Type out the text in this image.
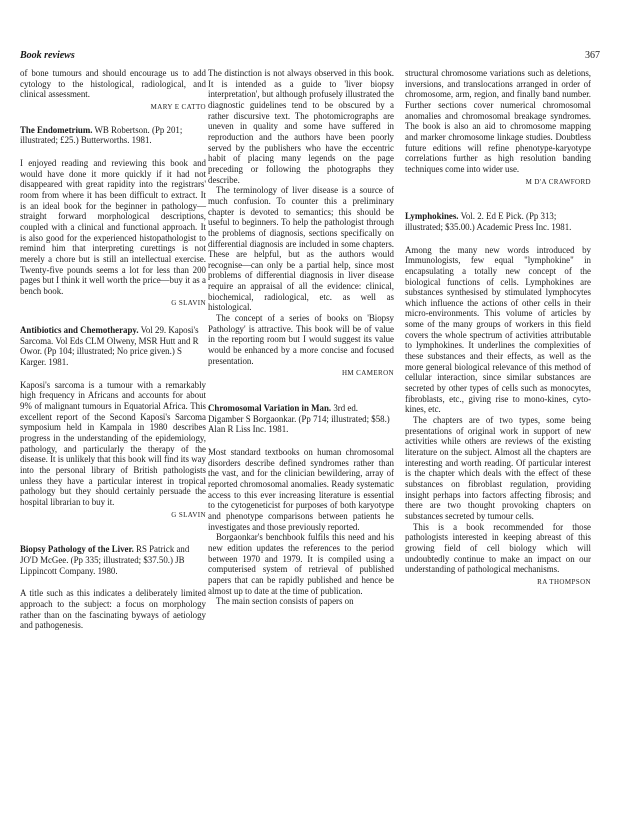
Book reviews	367

of bone tumours and should encourage us to add cytology to the histological, radiological, and clinical assessment.

MARY E CATTO

The Endometrium. WB Robertson. (Pp 201; illustrated; £25.) Butterworths. 1981.

I enjoyed reading and reviewing this book and would have done it more quickly if it had not disappeared with great rapidity into the registrars' room from where it has been difficult to extract. It is an ideal book for the beginner in pathology—straight forward morphological descriptions, coupled with a clinical and functional approach. It is also good for the experienced histopathologist to remind him that interpreting curettings is not merely a chore but is still an intellectual exercise. Twenty-five pounds seems a lot for less than 200 pages but I think it well worth the price—buy it as a bench book.

G SLAVIN

Antibiotics and Chemotherapy. Vol 29. Kaposi's Sarcoma. Vol Eds CLM Olweny, MSR Hutt and R Owor. (Pp 104; illustrated; No price given.) S Karger. 1981.

Kaposi's sarcoma is a tumour with a remarkably high frequency in Africans and accounts for about 9% of malignant tumours in Equatorial Africa. This excellent report of the Second Kaposi's Sarcoma symposium held in Kampala in 1980 describes progress in the understanding of the epidemiology, pathology, and particularly the therapy of the disease. It is unlikely that this book will find its way into the personal library of British pathologists unless they have a particular interest in tropical pathology but they should certainly persuade the hospital librarian to buy it.

G SLAVIN

Biopsy Pathology of the Liver. RS Patrick and JO'D McGee. (Pp 335; illustrated; $37.50.) JB Lippincott Company. 1980.

A title such as this indicates a deliberately limited approach to the subject: a focus on morphology rather than on the fascinating byways of aetiology and pathogenesis.

The distinction is not always observed in this book. It is intended as a guide to 'liver biopsy interpretation', but although profusely illustrated the diagnostic guidelines tend to be obscured by a rather discursive text. The photomicrographs are uneven in quality and some have suffered in reproduction and the authors have been poorly served by the publishers who have the eccentric habit of placing many legends on the page preceding or following the photographs they describe.

The terminology of liver disease is a source of much confusion. To counter this a preliminary chapter is devoted to semantics; this should be useful to beginners. To help the pathologist through the problems of diagnosis, sections specifically on differential diagnosis are included in some chapters. These are helpful, but as the authors would recognise—can only be a partial help, since most problems of differential diagnosis in liver disease require an appraisal of all the evidence: clinical, biochemical, radiological, etc. as well as histological.

The concept of a series of books on 'Biopsy Pathology' is attractive. This book will be of value in the reporting room but I would suggest its value would be enhanced by a more concise and focused presentation.

HM CAMERON

Chromosomal Variation in Man. 3rd ed. Digamber S Borgaonkar. (Pp 714; illustrated; $58.) Alan R Liss Inc. 1981.

Most standard textbooks on human chromosomal disorders describe defined syndromes rather than the vast, and for the clinician bewildering, array of reported chromosomal anomalies. Ready systematic access to this ever increasing literature is essential to the cytogeneticist for purposes of both karyotype and phenotype comparisons between patients he investigates and those previously reported.

Borgaonkar's benchbook fulfils this need and his new edition updates the references to the period between 1970 and 1979. It is compiled using a computerised system of retrieval of published papers that can be rapidly published and hence be almost up to date at the time of publication.

The main section consists of papers on

structural chromosome variations such as deletions, inversions, and translocations arranged in order of chromosome, arm, region, and finally band number. Further sections cover numerical chromosomal anomalies and chromosomal breakage syndromes. The book is also an aid to chromosome mapping and marker chromosome linkage studies. Doubtless future editions will refine phenotype-karyotype correlations further as high resolution banding techniques come into wider use.

M D'A CRAWFORD

Lymphokines. Vol. 2. Ed E Pick. (Pp 313; illustrated; $35.00.) Academic Press Inc. 1981.

Among the many new words introduced by Immunologists, few equal "lymphokine" in encapsulating a totally new concept of the biological functions of cells. Lymphokines are substances synthesised by stimulated lymphocytes which influence the actions of other cells in their micro-environments. This volume of articles by some of the many groups of workers in this field covers the whole spectrum of activities attributable to lymphokines. It underlines the complexities of these substances and their effects, as well as the more general biological relevance of this method of cellular interaction, since similar substances are secreted by other types of cells such as monocytes, fibroblasts, etc., giving rise to mono-kines, cyto-kines, etc.

The chapters are of two types, some being presentations of original work in support of new activities while others are reviews of the existing literature on the subject. Almost all the chapters are interesting and worth reading. Of particular interest is the chapter which deals with the effect of these substances on fibroblast regulation, providing insight perhaps into factors affecting fibrosis; and there are two thought provoking chapters on substances secreted by tumour cells.

This is a book recommended for those pathologists interested in keeping abreast of this growing field of cell biology which will undoubtedly continue to make an impact on our understanding of pathological mechanisms.

RA THOMPSON
